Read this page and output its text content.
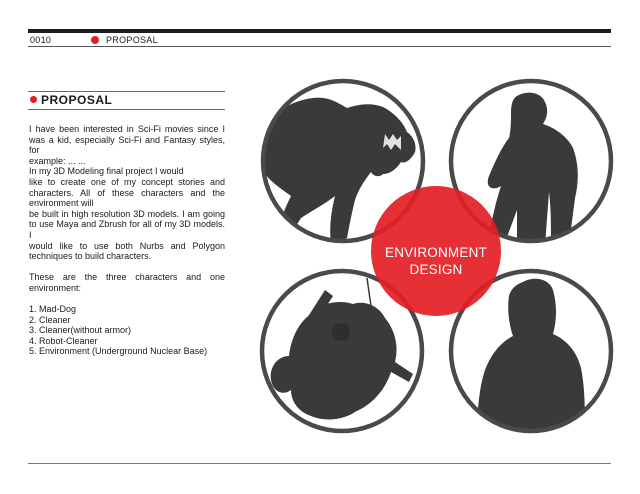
0010	PROPOSAL
PROPOSAL

I have been interested in Sci-Fi movies since I was a kid, especially Sci-Fi and Fantasy styles, for

example: ... ...

In my 3D Modeling final project I would

like to create one of my concept stories and characters. All of these characters and the environment will

be built in high resolution 3D models. I am going to use Maya and Zbrush for all of my 3D models. I

would like to use both Nurbs and Polygon techniques to build characters.

These are the three characters and one environment:

1. Mad-Dog

2. Cleaner

3. Cleaner(without armor)

4. Robot-Cleaner

5. Environment (Underground Nuclear Base)

ENVIRONMENT
DESIGN
